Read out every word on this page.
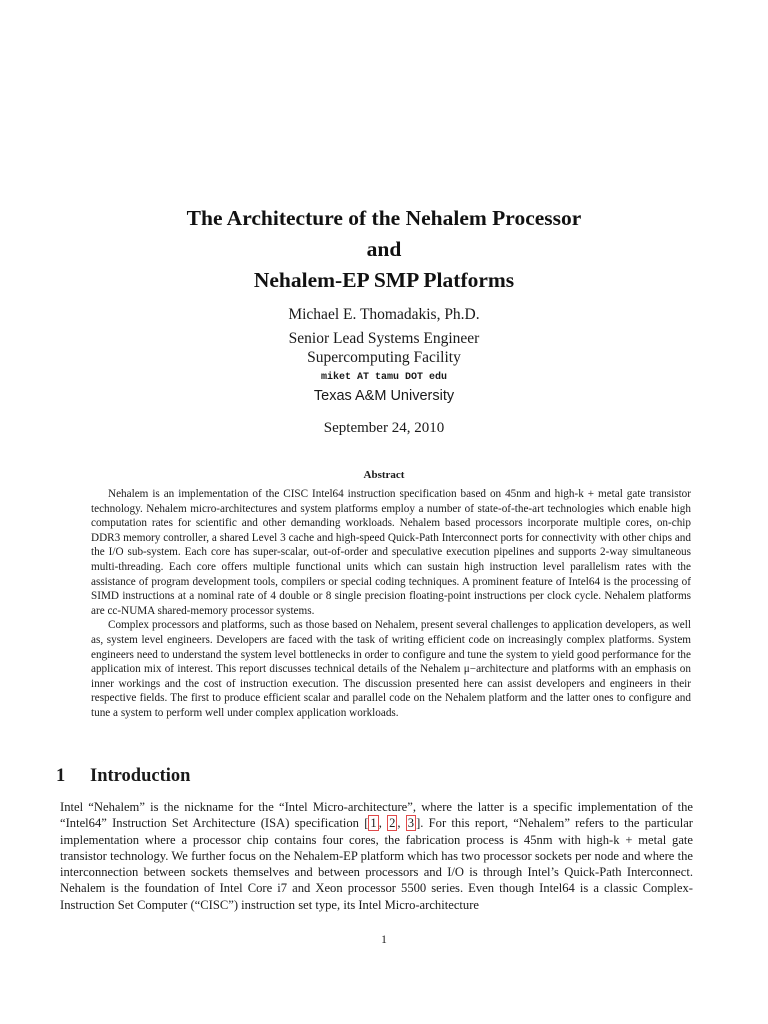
The Architecture of the Nehalem Processor
and
Nehalem-EP SMP Platforms
Michael E. Thomadakis, Ph.D.
Senior Lead Systems Engineer
Supercomputing Facility
miket AT tamu DOT edu
Texas A&M University
September 24, 2010
Abstract

Nehalem is an implementation of the CISC Intel64 instruction specification based on 45nm and high-k + metal gate transistor technology. Nehalem micro-architectures and system platforms employ a number of state-of-the-art technologies which enable high computation rates for scientific and other demanding workloads. Nehalem based processors incorporate multiple cores, on-chip DDR3 memory controller, a shared Level 3 cache and high-speed Quick-Path Interconnect ports for connectivity with other chips and the I/O sub-system. Each core has super-scalar, out-of-order and speculative execution pipelines and supports 2-way simultaneous multi-threading. Each core offers multiple functional units which can sustain high instruction level parallelism rates with the assistance of program development tools, compilers or special coding techniques. A prominent feature of Intel64 is the processing of SIMD instructions at a nominal rate of 4 double or 8 single precision floating-point instructions per clock cycle. Nehalem platforms are cc-NUMA shared-memory processor systems.

Complex processors and platforms, such as those based on Nehalem, present several challenges to application developers, as well as, system level engineers. Developers are faced with the task of writing efficient code on increasingly complex platforms. System engineers need to understand the system level bottlenecks in order to configure and tune the system to yield good performance for the application mix of interest. This report discusses technical details of the Nehalem μ−architecture and platforms with an emphasis on inner workings and the cost of instruction execution. The discussion presented here can assist developers and engineers in their respective fields. The first to produce efficient scalar and parallel code on the Nehalem platform and the latter ones to configure and tune a system to perform well under complex application workloads.

1 Introduction

Intel “Nehalem” is the nickname for the “Intel Micro-architecture”, where the latter is a specific implementation of the “Intel64” Instruction Set Architecture (ISA) specification [ 1 , 2 , 3 ]. For this report, “Nehalem” refers to the particular implementation where a processor chip contains four cores, the fabrication process is 45nm with high-k + metal gate transistor technology. We further focus on the Nehalem-EP platform which has two processor sockets per node and where the interconnection between sockets themselves and between processors and I/O is through Intel’s Quick-Path Interconnect. Nehalem is the foundation of Intel Core i7 and Xeon processor 5500 series. Even though Intel64 is a classic Complex-Instruction Set Computer (“CISC”) instruction set type, its Intel Micro-architecture

1
